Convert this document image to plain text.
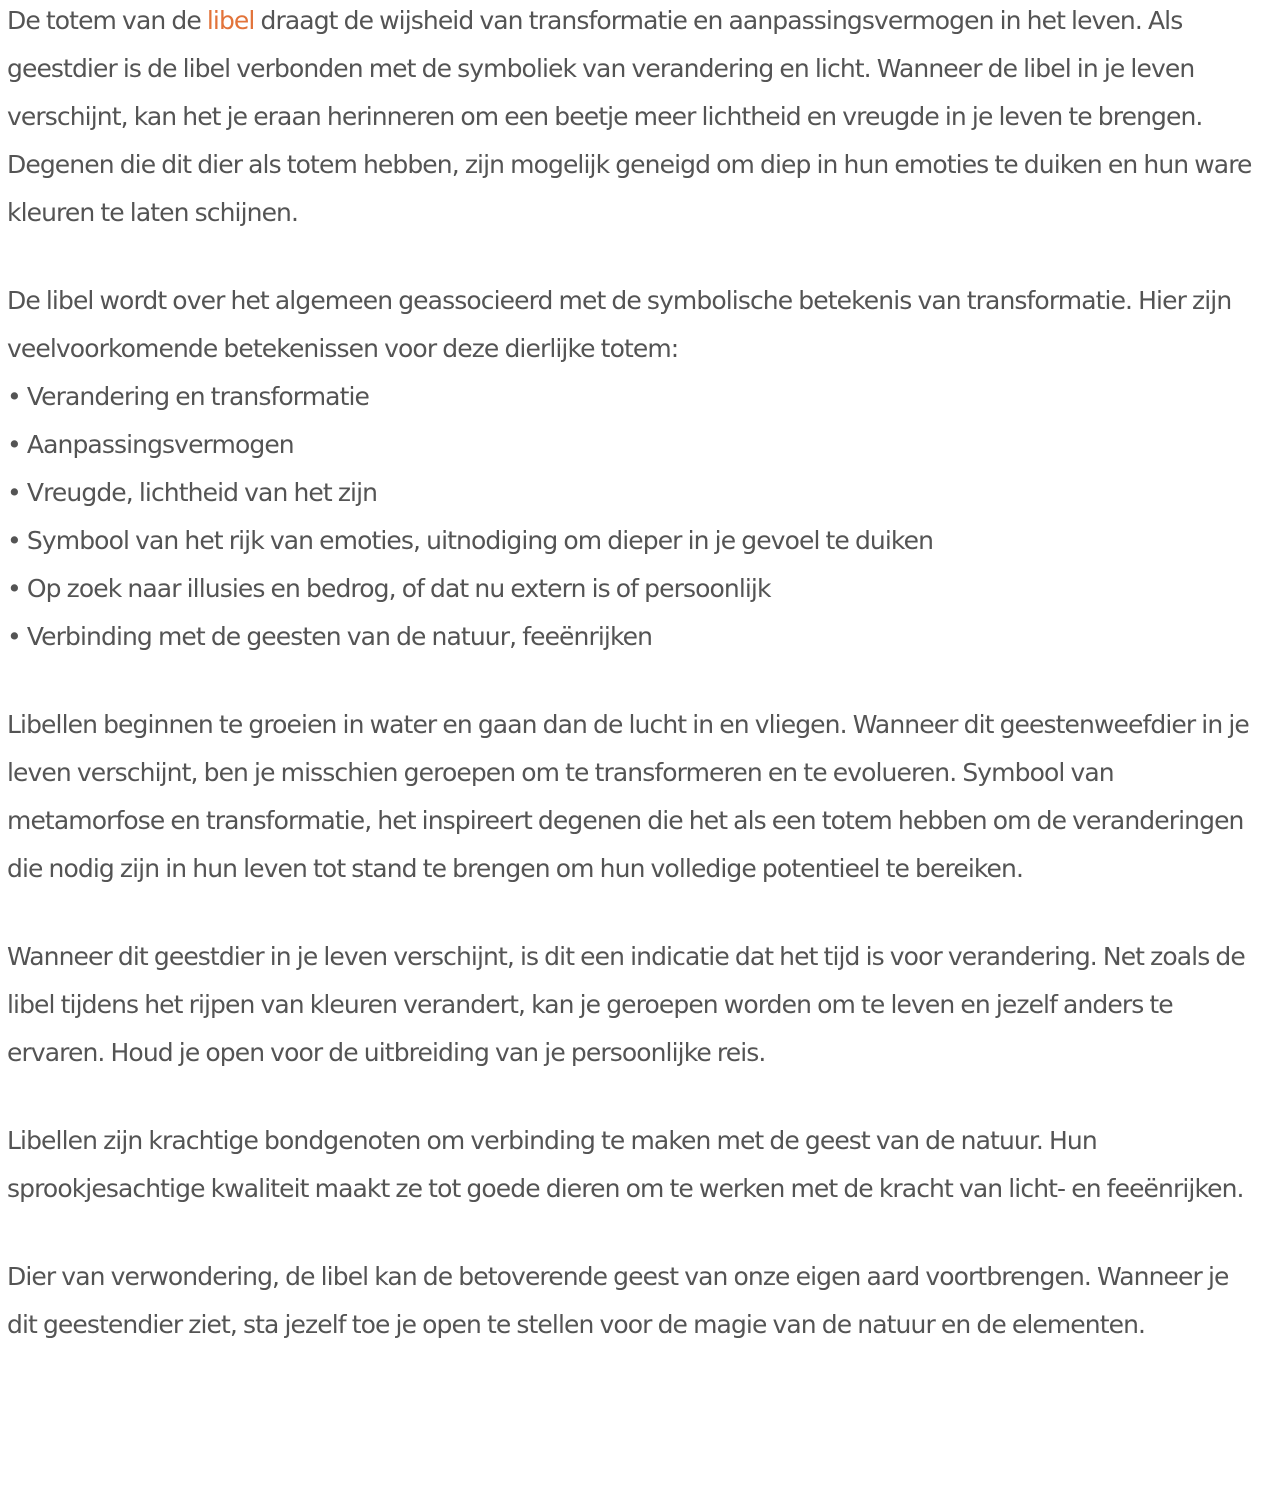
De totem van de libel draagt de wijsheid van transformatie en aanpassingsvermogen in het leven. Als geestdier is de libel verbonden met de symboliek van verandering en licht. Wanneer de libel in je leven verschijnt, kan het je eraan herinneren om een beetje meer lichtheid en vreugde in je leven te brengen. Degenen die dit dier als totem hebben, zijn mogelijk geneigd om diep in hun emoties te duiken en hun ware kleuren te laten schijnen.

De libel wordt over het algemeen geassocieerd met de symbolische betekenis van transformatie. Hier zijn veelvoorkomende betekenissen voor deze dierlijke totem:
• Verandering en transformatie
• Aanpassingsvermogen
• Vreugde, lichtheid van het zijn
• Symbool van het rijk van emoties, uitnodiging om dieper in je gevoel te duiken
• Op zoek naar illusies en bedrog, of dat nu extern is of persoonlijk
• Verbinding met de geesten van de natuur, feeënrijken

Libellen beginnen te groeien in water en gaan dan de lucht in en vliegen. Wanneer dit geestenweefdier in je leven verschijnt, ben je misschien geroepen om te transformeren en te evolueren. Symbool van metamorfose en transformatie, het inspireert degenen die het als een totem hebben om de veranderingen die nodig zijn in hun leven tot stand te brengen om hun volledige potentieel te bereiken.

Wanneer dit geestdier in je leven verschijnt, is dit een indicatie dat het tijd is voor verandering. Net zoals de libel tijdens het rijpen van kleuren verandert, kan je geroepen worden om te leven en jezelf anders te ervaren. Houd je open voor de uitbreiding van je persoonlijke reis.

Libellen zijn krachtige bondgenoten om verbinding te maken met de geest van de natuur. Hun sprookjesachtige kwaliteit maakt ze tot goede dieren om te werken met de kracht van licht- en feeënrijken.

Dier van verwondering, de libel kan de betoverende geest van onze eigen aard voortbrengen. Wanneer je dit geestendier ziet, sta jezelf toe je open te stellen voor de magie van de natuur en de elementen.
